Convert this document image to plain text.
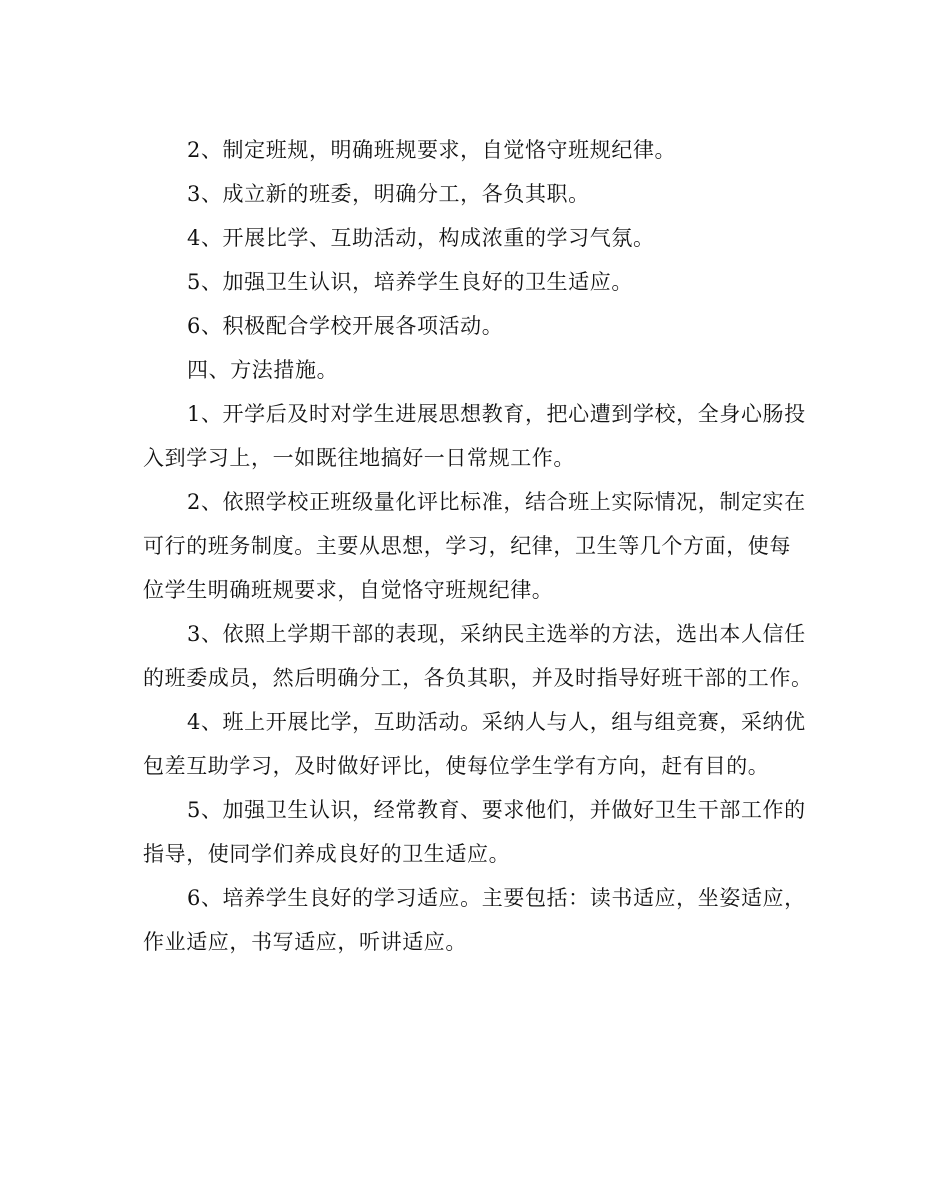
2、制定班规，明确班规要求，自觉恪守班规纪律。

3、成立新的班委，明确分工，各负其职。

4、开展比学、互助活动，构成浓重的学习气氛。

5、加强卫生认识，培养学生良好的卫生适应。

6、积极配合学校开展各项活动。

四、方法措施。

1、开学后及时对学生进展思想教育，把心遭到学校，全身心肠投
入到学习上，一如既往地搞好一日常规工作。

2、依照学校正班级量化评比标准，结合班上实际情况，制定实在
可行的班务制度。主要从思想，学习，纪律，卫生等几个方面，使每
位学生明确班规要求，自觉恪守班规纪律。

3、依照上学期干部的表现，采纳民主选举的方法，选出本人信任
的班委成员，然后明确分工，各负其职，并及时指导好班干部的工作。

4、班上开展比学，互助活动。采纳人与人，组与组竞赛，采纳优
包差互助学习，及时做好评比，使每位学生学有方向，赶有目的。

5、加强卫生认识，经常教育、要求他们，并做好卫生干部工作的
指导，使同学们养成良好的卫生适应。

6、培养学生良好的学习适应。主要包括：读书适应，坐姿适应，
作业适应，书写适应，听讲适应。
